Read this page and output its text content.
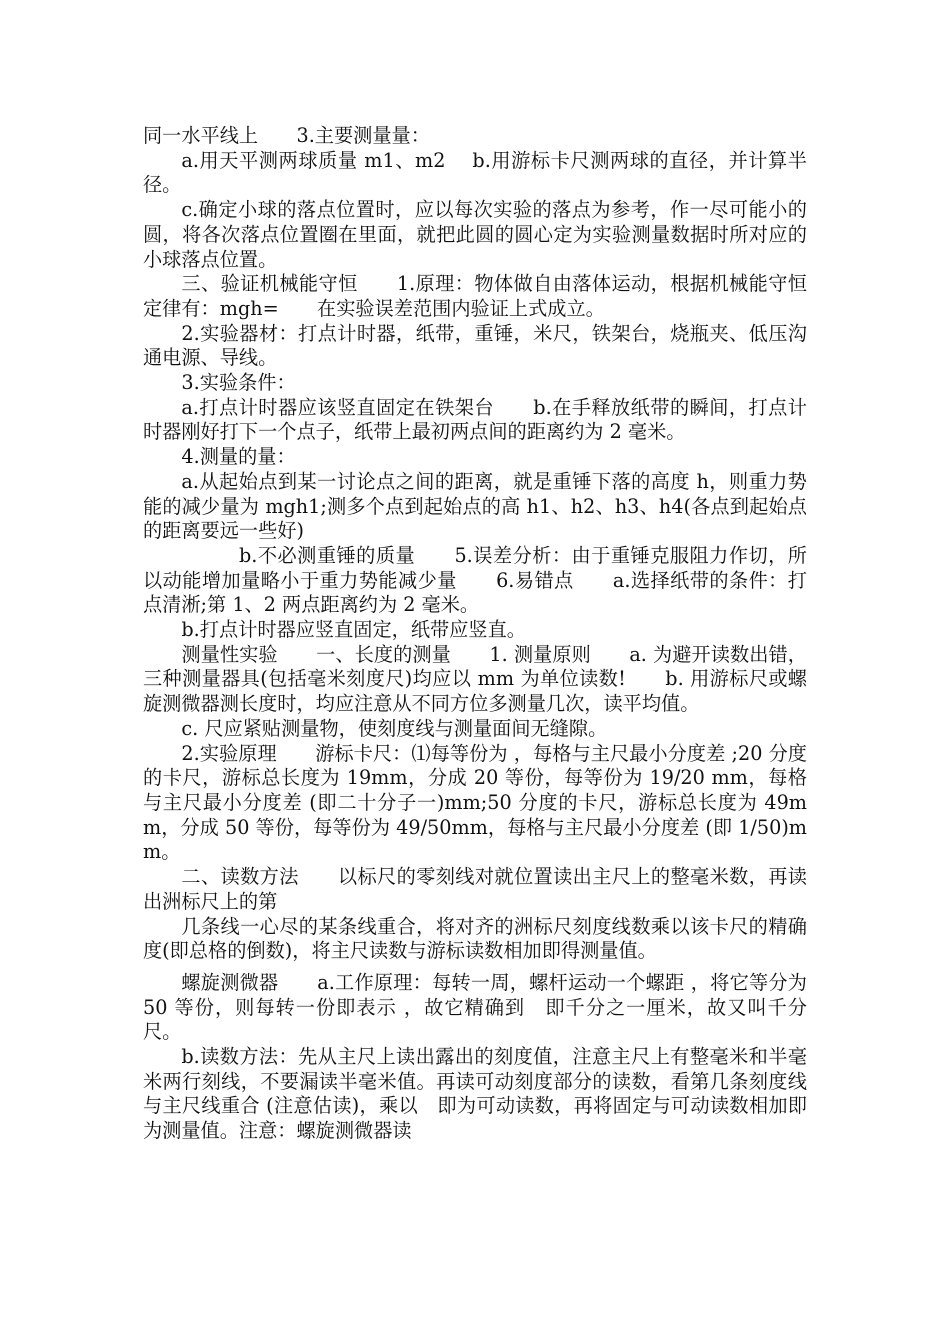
同一水平线上　　3.主要测量量：

a.用天平测两球质量 m1、m2　 b.用游标卡尺测两球的直径，并计算半径。

c.确定小球的落点位置时，应以每次实验的落点为参考，作一尽可能小的圆，将各次落点位置圈在里面，就把此圆的圆心定为实验测量数据时所对应的小球落点位置。

三、验证机械能守恒　　1.原理：物体做自由落体运动，根据机械能守恒定律有：mgh=　　在实验误差范围内验证上式成立。

2.实验器材：打点计时器，纸带，重锤，米尺，铁架台，烧瓶夹、低压沟通电源、导线。

3.实验条件：

a.打点计时器应该竖直固定在铁架台　　b.在手释放纸带的瞬间，打点计时器刚好打下一个点子，纸带上最初两点间的距离约为 2 毫米。

4.测量的量：

a.从起始点到某一讨论点之间的距离，就是重锤下落的高度 h，则重力势能的减少量为 mgh1;测多个点到起始点的高 h1、h2、h3、h4(各点到起始点的距离要远一些好)

b.不必测重锤的质量　　5.误差分析：由于重锤克服阻力作切，所以动能增加量略小于重力势能减少量　　6.易错点　　a.选择纸带的条件：打点清淅;第 1、2 两点距离约为 2 毫米。

b.打点计时器应竖直固定，纸带应竖直。

测量性实验　　一、长度的测量　　1. 测量原则　　a. 为避开读数出错，三种测量器具(包括毫米刻度尺)均应以 mm 为单位读数!　　b. 用游标尺或螺旋测微器测长度时，均应注意从不同方位多测量几次，读平均值。

c. 尺应紧贴测量物，使刻度线与测量面间无缝隙。

2.实验原理　　游标卡尺：⑴每等份为 ，每格与主尺最小分度差 ;20 分度的卡尺，游标总长度为 19mm，分成 20 等份，每等份为 19/20 mm，每格与主尺最小分度差 (即二十分子一)mm;50 分度的卡尺，游标总长度为 49mm，分成 50 等份，每等份为 49/50mm，每格与主尺最小分度差 (即 1/50)mm。

二、读数方法　　以标尺的零刻线对就位置读出主尺上的整毫米数，再读出洲标尺上的第

几条线一心尽的某条线重合，将对齐的洲标尺刻度线数乘以该卡尺的精确度(即总格的倒数)，将主尺读数与游标读数相加即得测量值。

螺旋测微器　　a.工作原理：每转一周，螺杆运动一个螺距 ，将它等分为 50 等份，则每转一份即表示 ，故它精确到　即千分之一厘米，故又叫千分尺。

b.读数方法：先从主尺上读出露出的刻度值，注意主尺上有整毫米和半毫米两行刻线，不要漏读半毫米值。再读可动刻度部分的读数，看第几条刻度线与主尺线重合 (注意估读)，乘以　即为可动读数，再将固定与可动读数相加即为测量值。注意：螺旋测微器读
